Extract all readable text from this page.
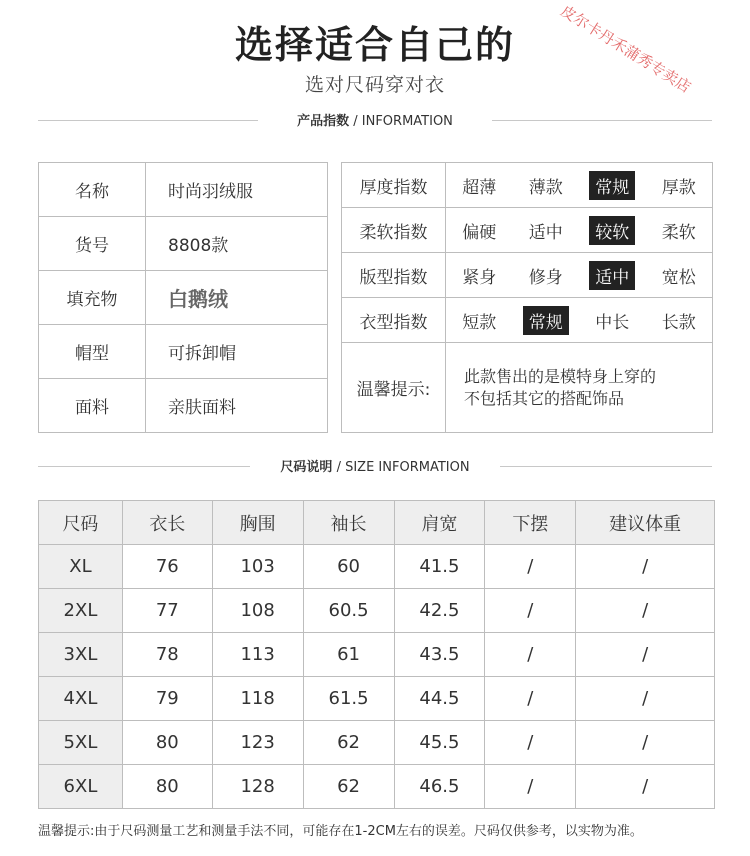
选择适合自己的
选对尺码穿对衣	皮尔卡丹禾蒲秀专卖店
产品指数 / INFORMATION
名称	时尚羽绒服
货号	8808款
填充物	白鹅绒
帽型	可拆卸帽
面料	亲肤面料
厚度指数	超薄 薄款 常规 厚款

柔软指数	偏硬 适中 较软 柔软

版型指数	紧身 修身 适中 宽松

衣型指数	短款 常规 中长 长款

温馨提示:	此款售出的是模特身上穿的
不包括其它的搭配饰品
尺码说明 / SIZE INFORMATION
尺码	衣长	胸围	袖长	肩宽	下摆	建议体重
XL	76	103	60	41.5	/	/
2XL	77	108	60.5	42.5	/	/
3XL	78	113	61	43.5	/	/
4XL	79	118	61.5	44.5	/	/
5XL	80	123	62	45.5	/	/
6XL	80	128	62	46.5	/	/
温馨提示:由于尺码测量工艺和测量手法不同，可能存在1-2CM左右的误差。尺码仅供参考，以实物为准。
